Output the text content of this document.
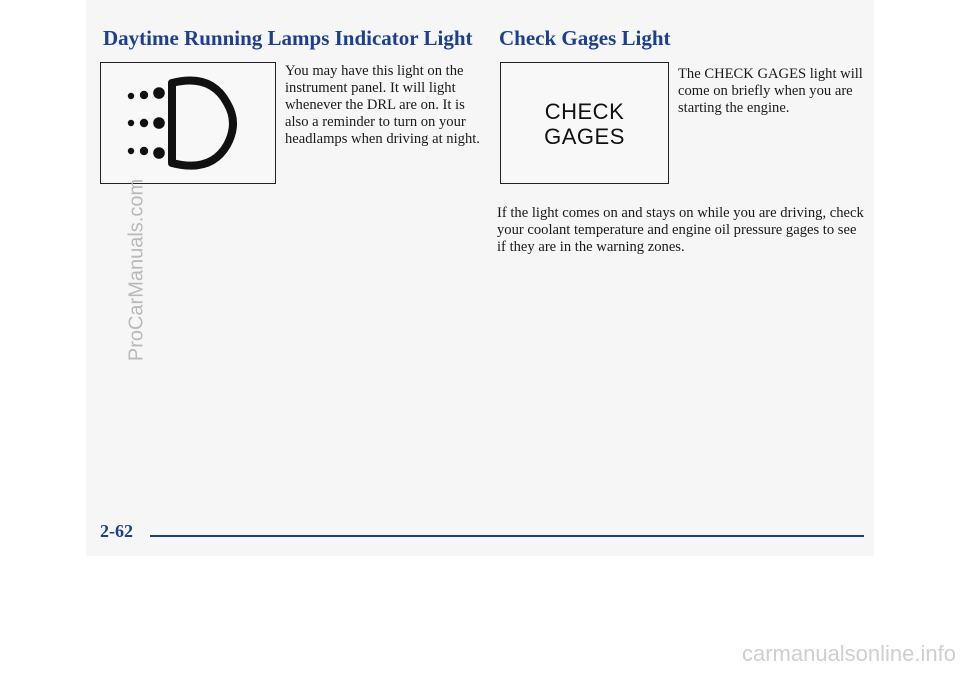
Daytime Running Lamps Indicator Light

You may have this light on the instrument panel. It will light whenever the DRL are on. It is also a reminder to turn on your headlamps when driving at night.

Check Gages Light
CHECK
GAGES

The CHECK GAGES light will come on briefly when you are starting the engine.

If the light comes on and stays on while you are driving, check your coolant temperature and engine oil pressure gages to see if they are in the warning zones.

2-62

ProCarManuals.com
carmanualsonline.info
